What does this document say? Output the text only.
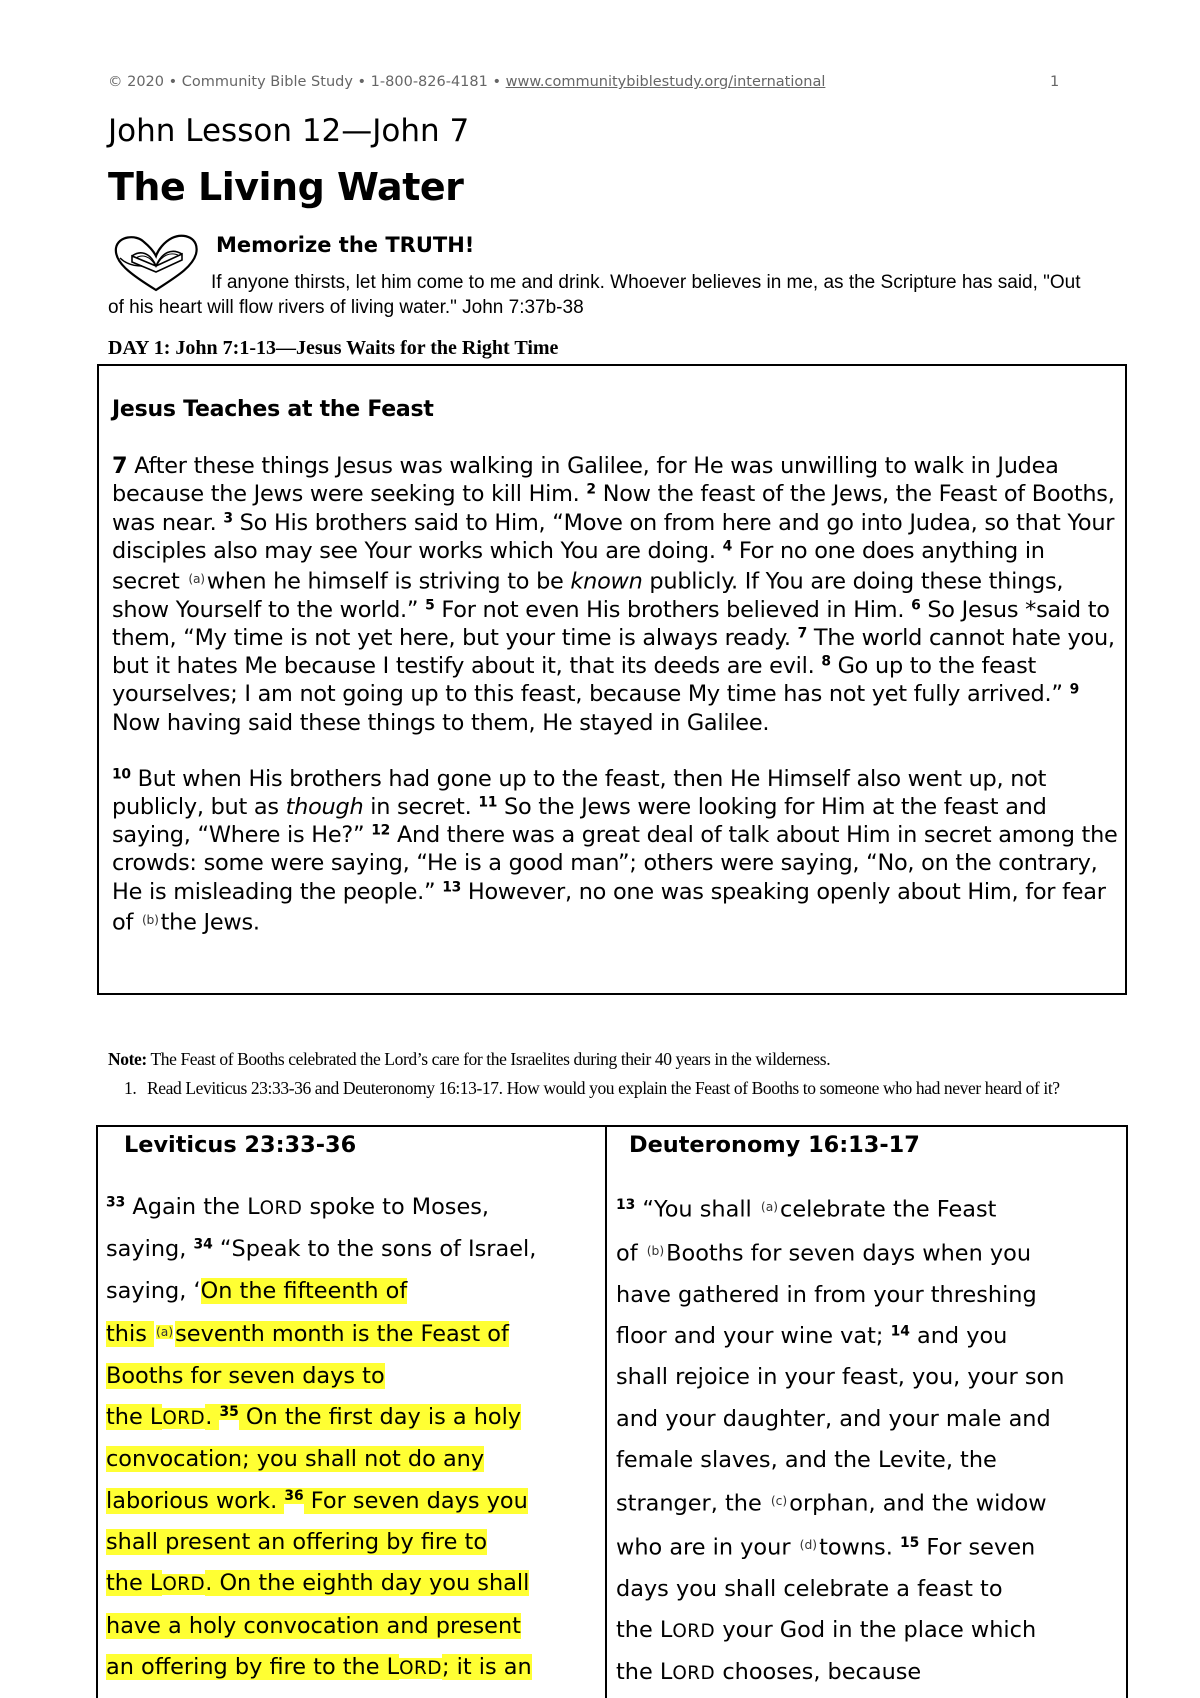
© 2020 • Community Bible Study • 1-800-826-4181 • www.communitybiblestudy.org/international	1
John Lesson 12—John 7
The Living Water
Memorize the TRUTH!
If anyone thirsts, let him come to me and drink. Whoever believes in me, as the Scripture has said, "Out of his heart will flow rivers of living water." John 7:37b-38
DAY 1: John 7:1-13—Jesus Waits for the Right Time
Jesus Teaches at the Feast

7 After these things Jesus was walking in Galilee, for He was unwilling to walk in Judea because the Jews were seeking to kill Him. $^2$ Now the feast of the Jews, the Feast of Booths, was near. $^3$ So His brothers said to Him, “Move on from here and go into Judea, so that Your disciples also may see Your works which You are doing. $^4$ For no one does anything in secret $^{(a)}$when he himself is striving to be known publicly. If You are doing these things, show Yourself to the world.” $^5$ For not even His brothers believed in Him. $^6$ So Jesus *said to them, “My time is not yet here, but your time is always ready. $^7$ The world cannot hate you, but it hates Me because I testify about it, that its deeds are evil. $^8$ Go up to the feast yourselves; I am not going up to this feast, because My time has not yet fully arrived.” $^9$ Now having said these things to them, He stayed in Galilee.

$^{10}$ But when His brothers had gone up to the feast, then He Himself also went up, not publicly, but as though in secret. $^{11}$ So the Jews were looking for Him at the feast and saying, “Where is He?” $^{12}$ And there was a great deal of talk about Him in secret among the crowds: some were saying, “He is a good man”; others were saying, “No, on the contrary, He is misleading the people.” $^{13}$ However, no one was speaking openly about Him, for fear of $^{(b)}$the Jews.

Note: The Feast of Booths celebrated the Lord’s care for the Israelites during their 40 years in the wilderness.
1. Read Leviticus 23:33-36 and Deuteronomy 16:13-17. How would you explain the Feast of Booths to someone who had never heard of it?
Leviticus 23:33-36
$^{33}$ Again the LORD spoke to Moses,
saying, $^{34}$ “Speak to the sons of Israel,
saying, ‘On the fifteenth of
this $^{(a)}$seventh month is the Feast of
Booths for seven days to
the LORD. $^{35}$ On the first day is a holy
convocation; you shall not do any
laborious work. $^{36}$ For seven days you
shall present an offering by fire to
the LORD. On the eighth day you shall
have a holy convocation and present
an offering by fire to the LORD; it is an
Deuteronomy 16:13-17
$^{13}$ “You shall $^{(a)}$celebrate the Feast
of $^{(b)}$Booths for seven days when you
have gathered in from your threshing
floor and your wine vat; $^{14}$ and you
shall rejoice in your feast, you, your son
and your daughter, and your male and
female slaves, and the Levite, the
stranger, the $^{(c)}$orphan, and the widow
who are in your $^{(d)}$towns. $^{15}$ For seven
days you shall celebrate a feast to
the LORD your God in the place which
the LORD chooses, because
